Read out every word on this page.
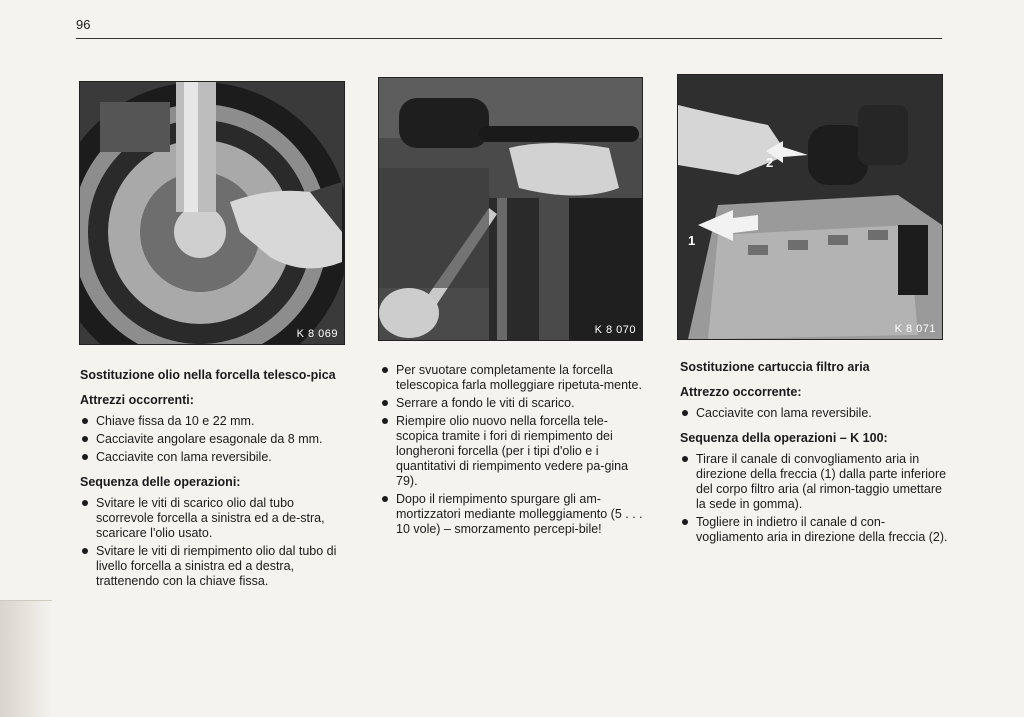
96
K 8 069	K 8 070
1
2
K 8 071
Sostituzione olio nella forcella telesco-pica
Attrezzi occorrenti:
Chiave fissa da 10 e 22 mm.
Cacciavite angolare esagonale da 8 mm.
Cacciavite con lama reversibile.
Sequenza delle operazioni:
Svitare le viti di scarico olio dal tubo scorrevole forcella a sinistra ed a de-stra, scaricare l'olio usato.
Svitare le viti di riempimento olio dal tubo di livello forcella a sinistra ed a destra, trattenendo con la chiave fissa.
Per svuotare completamente la forcella telescopica farla molleggiare ripetuta-mente.
Serrare a fondo le viti di scarico.
Riempire olio nuovo nella forcella tele-scopica tramite i fori di riempimento dei longheroni forcella (per i tipi d'olio e i quantitativi di riempimento vedere pa-gina 79).
Dopo il riempimento spurgare gli am-mortizzatori mediante molleggiamento (5 . . . 10 vole) – smorzamento percepi-bile!
Sostituzione cartuccia filtro aria
Attrezzo occorrente:
Cacciavite con lama reversibile.
Sequenza della operazioni – K 100:
Tirare il canale di convogliamento aria in direzione della freccia (1) dalla parte inferiore del corpo filtro aria (al rimon-taggio umettare la sede in gomma).
Togliere in indietro il canale d con-vogliamento aria in direzione della freccia (2).
